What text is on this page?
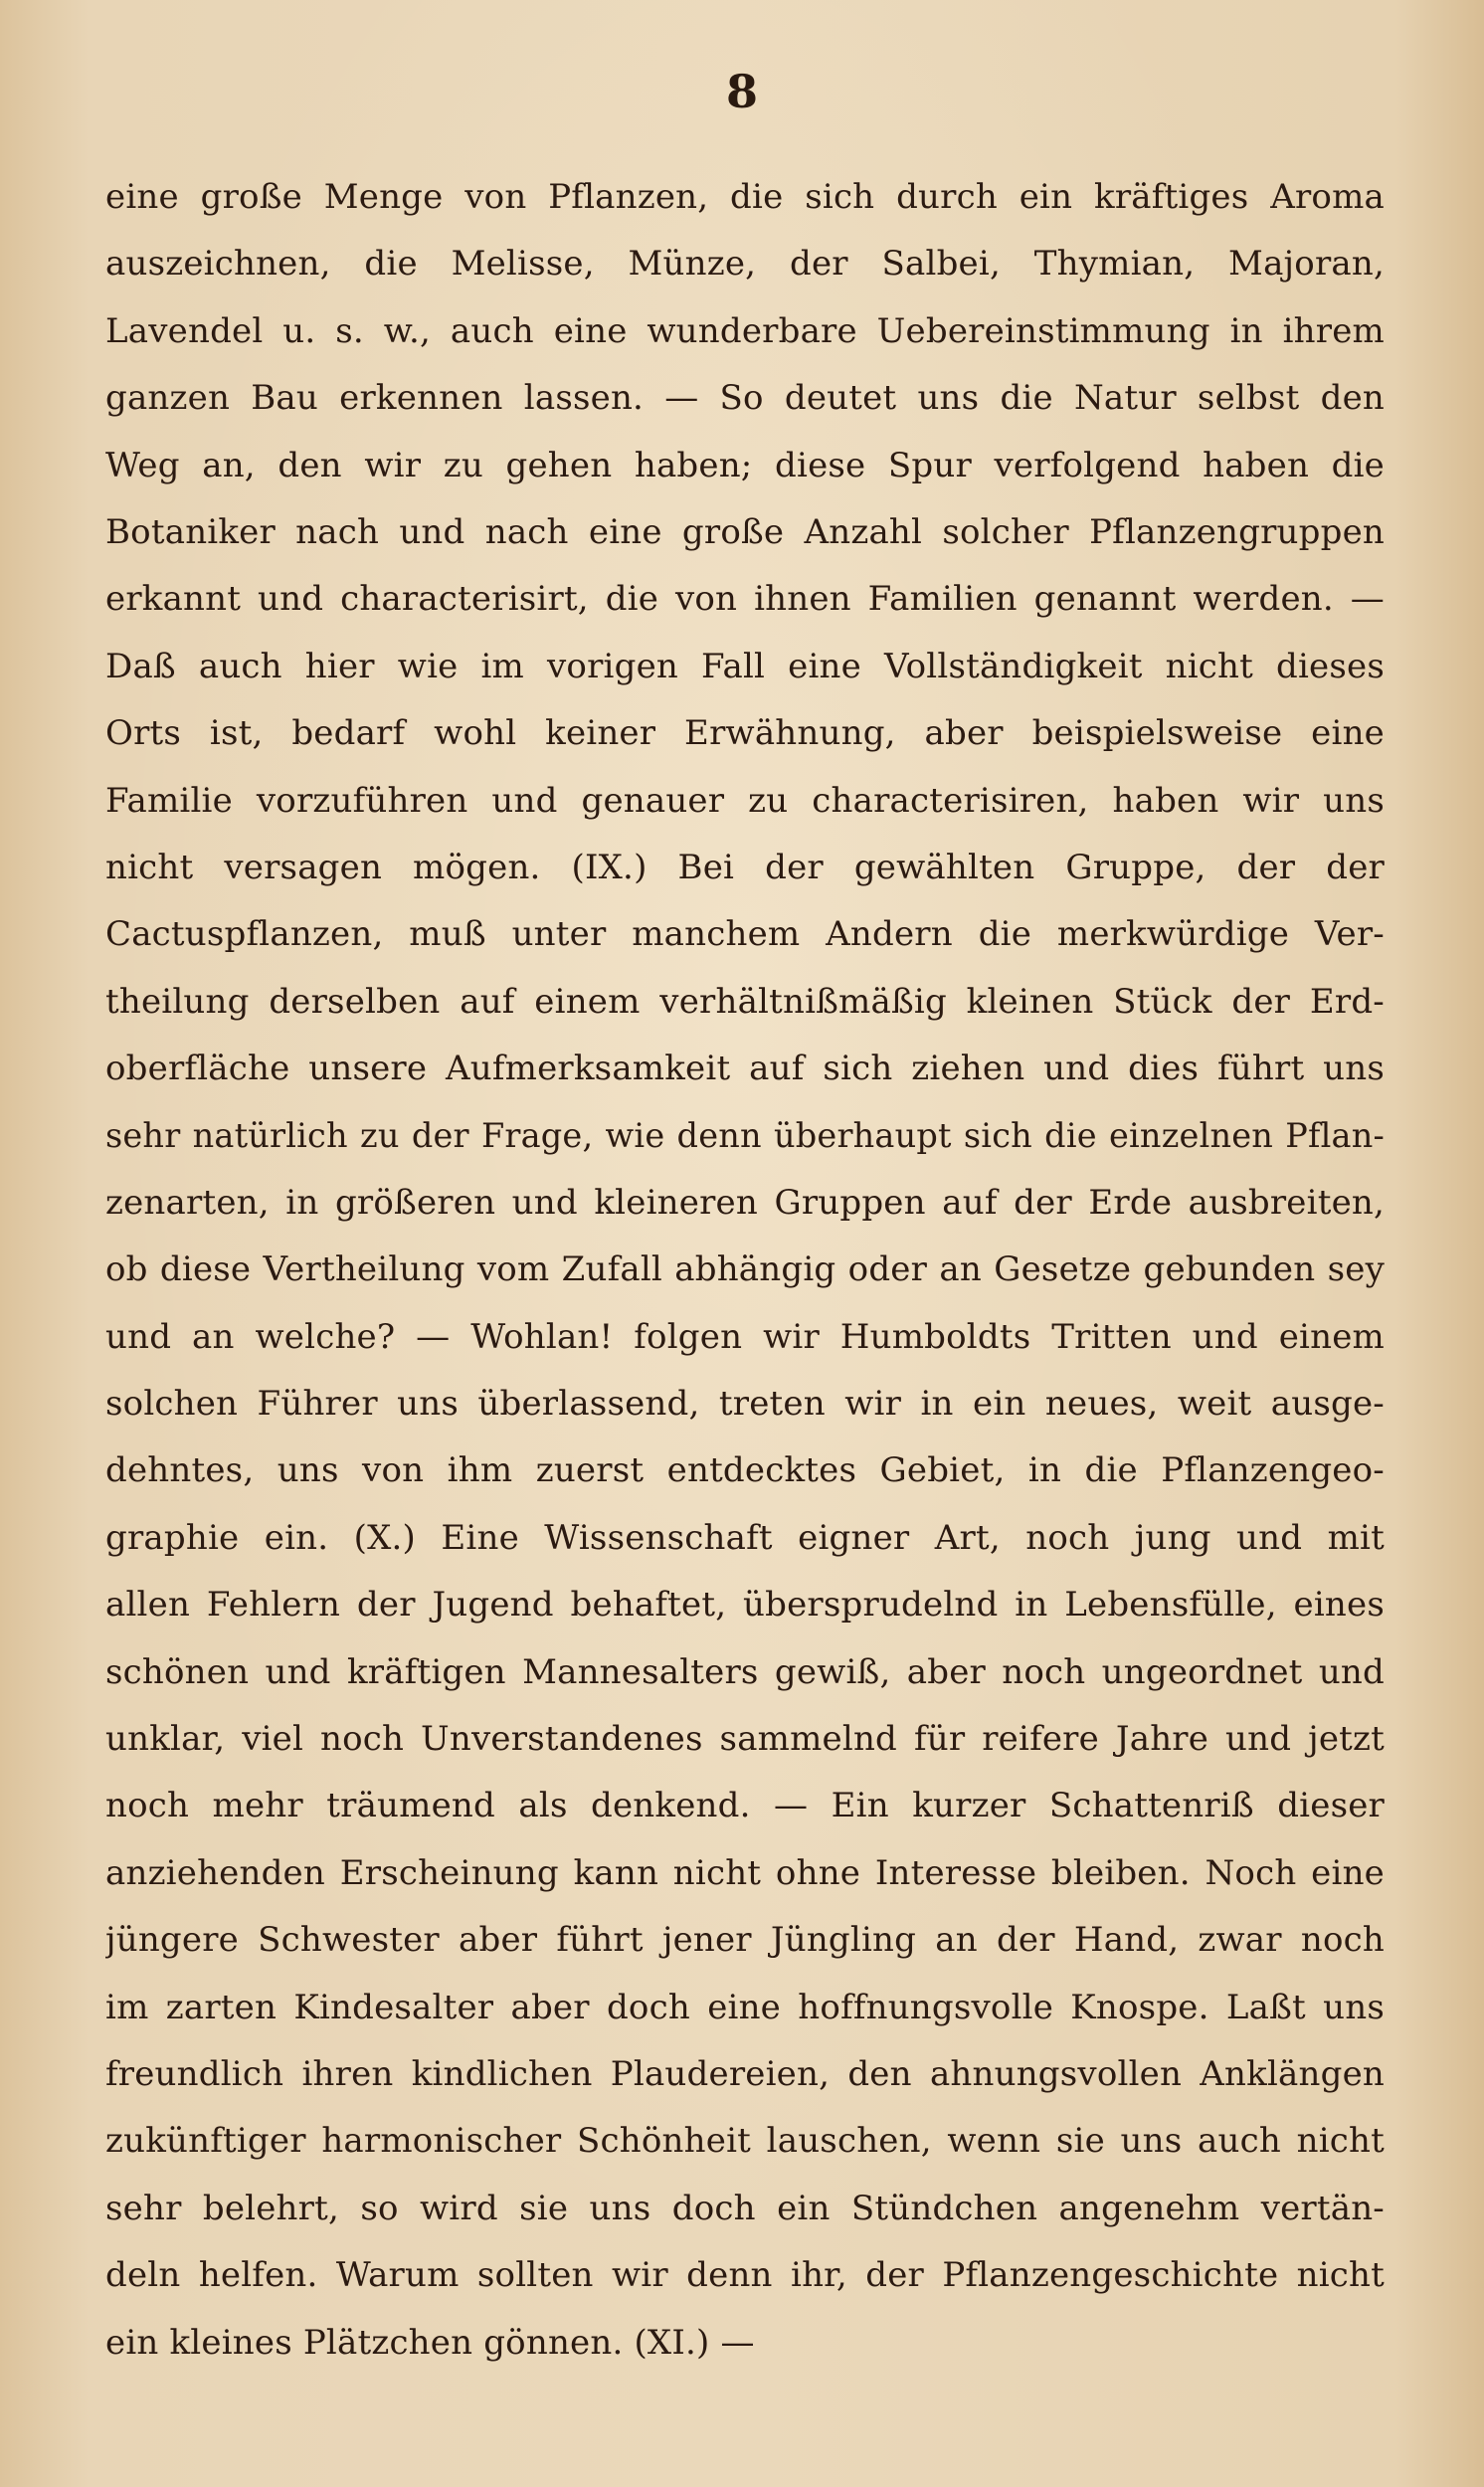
8
eine große Menge von Pflanzen, die sich durch ein kräftiges Aroma
auszeichnen, die Melisse, Münze, der Salbei, Thymian, Majoran,
Lavendel u. s. w., auch eine wunderbare Uebereinstimmung in ihrem
ganzen Bau erkennen lassen. — So deutet uns die Natur selbst den
Weg an, den wir zu gehen haben; diese Spur verfolgend haben die
Botaniker nach und nach eine große Anzahl solcher Pflanzengruppen
erkannt und characterisirt, die von ihnen Familien genannt werden. —
Daß auch hier wie im vorigen Fall eine Vollständigkeit nicht dieses
Orts ist, bedarf wohl keiner Erwähnung, aber beispielsweise eine
Familie vorzuführen und genauer zu characterisiren, haben wir uns
nicht versagen mögen. (IX.) Bei der gewählten Gruppe, der der
Cactuspflanzen, muß unter manchem Andern die merkwürdige Ver-
theilung derselben auf einem verhältnißmäßig kleinen Stück der Erd-
oberfläche unsere Aufmerksamkeit auf sich ziehen und dies führt uns
sehr natürlich zu der Frage, wie denn überhaupt sich die einzelnen Pflan-
zenarten, in größeren und kleineren Gruppen auf der Erde ausbreiten,
ob diese Vertheilung vom Zufall abhängig oder an Gesetze gebunden sey
und an welche? — Wohlan! folgen wir Humboldts Tritten und einem
solchen Führer uns überlassend, treten wir in ein neues, weit ausge-
dehntes, uns von ihm zuerst entdecktes Gebiet, in die Pflanzengeo-
graphie ein. (X.) Eine Wissenschaft eigner Art, noch jung und mit
allen Fehlern der Jugend behaftet, übersprudelnd in Lebensfülle, eines
schönen und kräftigen Mannesalters gewiß, aber noch ungeordnet und
unklar, viel noch Unverstandenes sammelnd für reifere Jahre und jetzt
noch mehr träumend als denkend. — Ein kurzer Schattenriß dieser
anziehenden Erscheinung kann nicht ohne Interesse bleiben. Noch eine
jüngere Schwester aber führt jener Jüngling an der Hand, zwar noch
im zarten Kindesalter aber doch eine hoffnungsvolle Knospe. Laßt uns
freundlich ihren kindlichen Plaudereien, den ahnungsvollen Anklängen
zukünftiger harmonischer Schönheit lauschen, wenn sie uns auch nicht
sehr belehrt, so wird sie uns doch ein Stündchen angenehm vertän-
deln helfen. Warum sollten wir denn ihr, der Pflanzengeschichte nicht
ein kleines Plätzchen gönnen. (XI.) —
